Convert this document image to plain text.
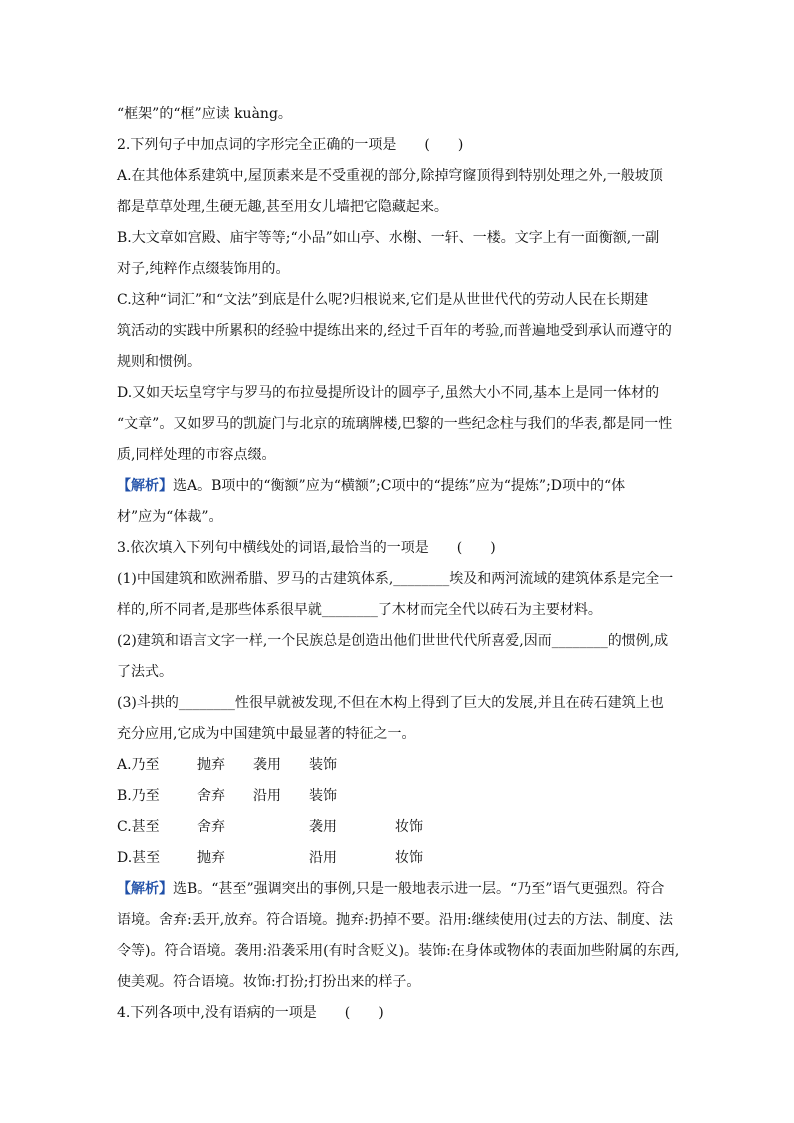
“框架”的“框”应读 kuàng。
2.下列句子中加点词的字形完全正确的一项是　　(　　)
A.在其他体系建筑中,屋顶素来是不受重视的部分,除掉穹窿顶得到特别处理之外,一般坡顶
都是草草处理,生硬无趣,甚至用女儿墙把它隐藏起来。
B.大文章如宫殿、庙宇等等;“小品”如山亭、水榭、一轩、一楼。文字上有一面衡额,一副
对子,纯粹作点缀装饰用的。
C.这种“词汇”和“文法”到底是什么呢?归根说来,它们是从世世代代的劳动人民在长期建
筑活动的实践中所累积的经验中提练出来的,经过千百年的考验,而普遍地受到承认而遵守的
规则和惯例。
D.又如天坛皇穹宇与罗马的布拉曼提所设计的圆亭子,虽然大小不同,基本上是同一体材的
“文章”。又如罗马的凯旋门与北京的琉璃牌楼,巴黎的一些纪念柱与我们的华表,都是同一性
质,同样处理的市容点缀。
【解析】选A。B项中的“衡额”应为“横额”;C项中的“提练”应为“提炼”;D项中的“体
材”应为“体裁”。
3.依次填入下列句中横线处的词语,最恰当的一项是　　(　　)
(1)中国建筑和欧洲希腊、罗马的古建筑体系,________埃及和两河流域的建筑体系是完全一
样的,所不同者,是那些体系很早就________了木材而完全代以砖石为主要材料。
(2)建筑和语言文字一样,一个民族总是创造出他们世世代代所喜爱,因而________的惯例,成
了法式。
(3)斗拱的________性很早就被发现,不但在木构上得到了巨大的发展,并且在砖石建筑上也
充分应用,它成为中国建筑中最显著的特征之一。
A.乃至	抛弃	袭用	装饰
B.乃至	舍弃	沿用	装饰
C.甚至	舍弃	袭用	妆饰
D.甚至	抛弃	沿用	妆饰
【解析】选B。“甚至”强调突出的事例,只是一般地表示进一层。“乃至”语气更强烈。符合
语境。舍弃:丢开,放弃。符合语境。抛弃:扔掉不要。沿用:继续使用(过去的方法、制度、法
令等)。符合语境。袭用:沿袭采用(有时含贬义)。装饰:在身体或物体的表面加些附属的东西,
使美观。符合语境。妆饰:打扮;打扮出来的样子。
4.下列各项中,没有语病的一项是　　(　　)
